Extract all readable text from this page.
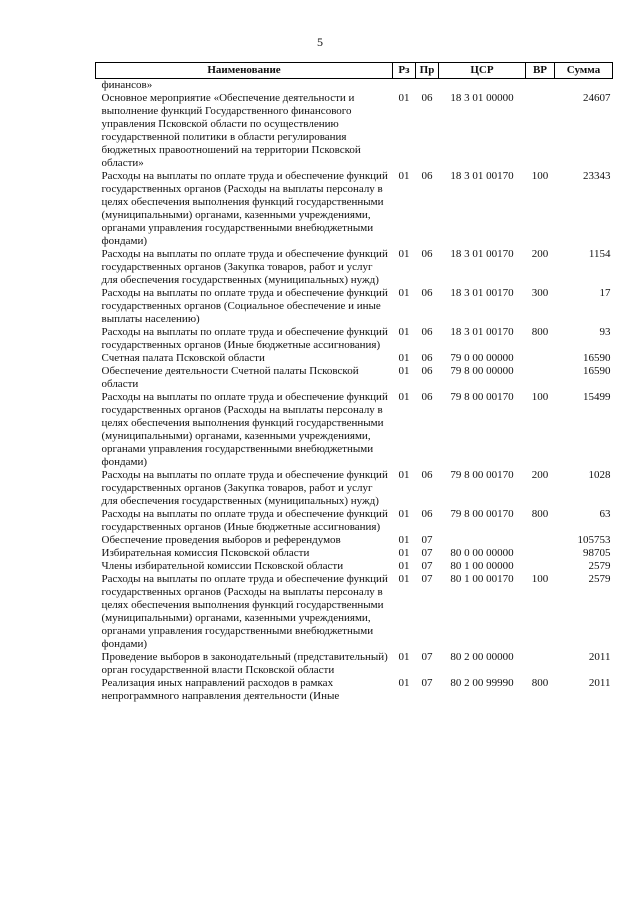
5
Наименование	Рз	Пр	ЦСР	ВР	Сумма
финансов»					
Основное мероприятие «Обеспечение деятельности и выполнение функций Государственного финансового управления Псковской области по осуществлению государственной политики в области регулирования бюджетных правоотношений на территории Псковской области»	01	06	18 3 01 00000		24607
Расходы на выплаты по оплате труда и обеспечение функций государственных органов (Расходы на выплаты персоналу в целях обеспечения выполнения функций государственными (муниципальными) органами, казенными учреждениями, органами управления государственными внебюджетными фондами)	01	06	18 3 01 00170	100	23343
Расходы на выплаты по оплате труда и обеспечение функций государственных органов (Закупка товаров, работ и услуг для обеспечения государственных (муниципальных) нужд)	01	06	18 3 01 00170	200	1154
Расходы на выплаты по оплате труда и обеспечение функций государственных органов (Социальное обеспечение и иные выплаты населению)	01	06	18 3 01 00170	300	17
Расходы на выплаты по оплате труда и обеспечение функций государственных органов (Иные бюджетные ассигнования)	01	06	18 3 01 00170	800	93
Счетная палата Псковской области	01	06	79 0 00 00000		16590
Обеспечение деятельности Счетной палаты Псковской области	01	06	79 8 00 00000		16590
Расходы на выплаты по оплате труда и обеспечение функций государственных органов (Расходы на выплаты персоналу в целях обеспечения выполнения функций государственными (муниципальными) органами, казенными учреждениями, органами управления государственными внебюджетными фондами)	01	06	79 8 00 00170	100	15499
Расходы на выплаты по оплате труда и обеспечение функций государственных органов (Закупка товаров, работ и услуг для обеспечения государственных (муниципальных) нужд)	01	06	79 8 00 00170	200	1028
Расходы на выплаты по оплате труда и обеспечение функций государственных органов (Иные бюджетные ассигнования)	01	06	79 8 00 00170	800	63
Обеспечение проведения выборов и референдумов	01	07			105753
Избирательная комиссия Псковской области	01	07	80 0 00 00000		98705
Члены избирательной комиссии Псковской области	01	07	80 1 00 00000		2579
Расходы на выплаты по оплате труда и обеспечение функций государственных органов (Расходы на выплаты персоналу в целях обеспечения выполнения функций государственными (муниципальными) органами, казенными учреждениями, органами управления государственными внебюджетными фондами)	01	07	80 1 00 00170	100	2579
Проведение выборов в законодательный (представительный) орган государственной власти Псковской области	01	07	80 2 00 00000		2011
Реализация иных направлений расходов в рамках непрограммного направления деятельности (Иные	01	07	80 2 00 99990	800	2011
